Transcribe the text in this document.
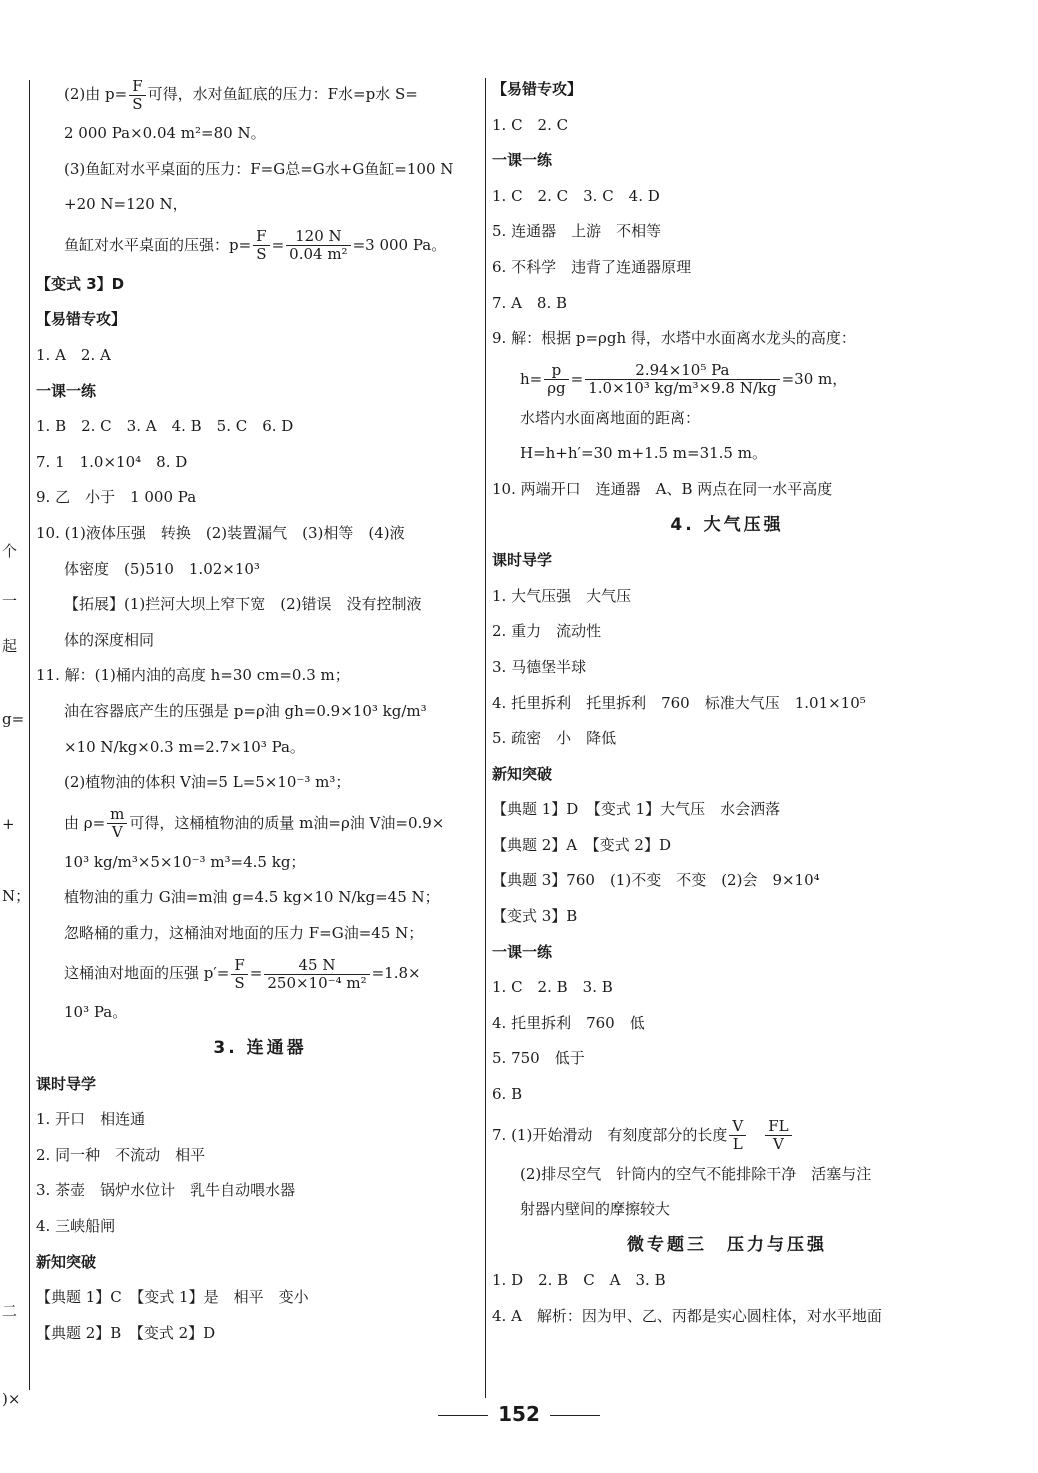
个
一
起
g=
+
N；
二
)×
(2)由 $p= \frac{F}{S}$ 可得，水对鱼缸底的压力：F水=p水 S=
2 000 Pa×0.04 m²=80 N。
(3)鱼缸对水平桌面的压力：F=G总=G水+G鱼缸=100 N
+20 N=120 N，
鱼缸对水平桌面的压强：$p= \frac{F}{S} = \frac{120 N}{\text{0.04 m²}} =3$ 000 Pa。
【变式 3】D
【易错专攻】
1. A　2. A
一课一练
1. B　2. C　3. A　4. B　5. C　6. D
7. 1　1.0×10⁴　8. D
9. 乙　小于　1 000 Pa
10. (1)液体压强　转换　(2)装置漏气　(3)相等　(4)液
体密度　(5)510　1.02×10³
【拓展】(1)拦河大坝上窄下宽　(2)错误　没有控制液
体的深度相同
11. 解：(1)桶内油的高度 h=30 cm=0.3 m；
油在容器底产生的压强是 p=ρ油 gh=0.9×10³ kg/m³
×10 N/kg×0.3 m=2.7×10³ Pa。
(2)植物油的体积 V油=5 L=5×10⁻³ m³；
由 $\rho= \frac{m}{V}$ 可得，这桶植物油的质量 m油=ρ油 V油=0.9×
10³ kg/m³×5×10⁻³ m³=4.5 kg；
植物油的重力 G油=m油 g=4.5 kg×10 N/kg=45 N；
忽略桶的重力，这桶油对地面的压力 F=G油=45 N；
这桶油对地面的压强 $p'= \frac{F}{S} = \frac{45 N}{\text{250×10⁻⁴ m²}} =1.8\times$
10³ Pa。
3. 连通器
课时导学
1. 开口　相连通
2. 同一种　不流动　相平
3. 茶壶　锅炉水位计　乳牛自动喂水器
4. 三峡船闸
新知突破
【典题 1】C　【变式 1】是　相平　变小
【典题 2】B　【变式 2】D
【易错专攻】
1. C　2. C
一课一练
1. C　2. C　3. C　4. D
5. 连通器　上游　不相等
6. 不科学　违背了连通器原理
7. A　8. B
9. 解：根据 p=ρgh 得，水塔中水面离水龙头的高度：
$h= \frac{p}{\rho g} = \frac{\text{2.94×10⁵ Pa}}{\text{1.0×10³ kg/m³×9.8 N/kg}} =30$ m，
水塔内水面离地面的距离：
H=h+h′=30 m+1.5 m=31.5 m。
10. 两端开口　连通器　A、B 两点在同一水平高度
4. 大气压强
课时导学
1. 大气压强　大气压
2. 重力　流动性
3. 马德堡半球
4. 托里拆利　托里拆利　760　标准大气压　1.01×10⁵
5. 疏密　小　降低
新知突破
【典题 1】D　【变式 1】大气压　水会洒落
【典题 2】A　【变式 2】D
【典题 3】760　(1)不变　不变　(2)会　9×10⁴
【变式 3】B
一课一练
1. C　2. B　3. B
4. 托里拆利　760　低
5. 750　低于
6. B
7. (1)开始滑动　有刻度部分的长度 $\frac{V}{L}$
　 $\frac{FL}{V}$
(2)排尽空气　针筒内的空气不能排除干净　活塞与注
射器内壁间的摩擦较大
微专题三　压力与压强
1. D　2. B　C　A　3. B
4. A　解析：因为甲、乙、丙都是实心圆柱体，对水平地面
152
